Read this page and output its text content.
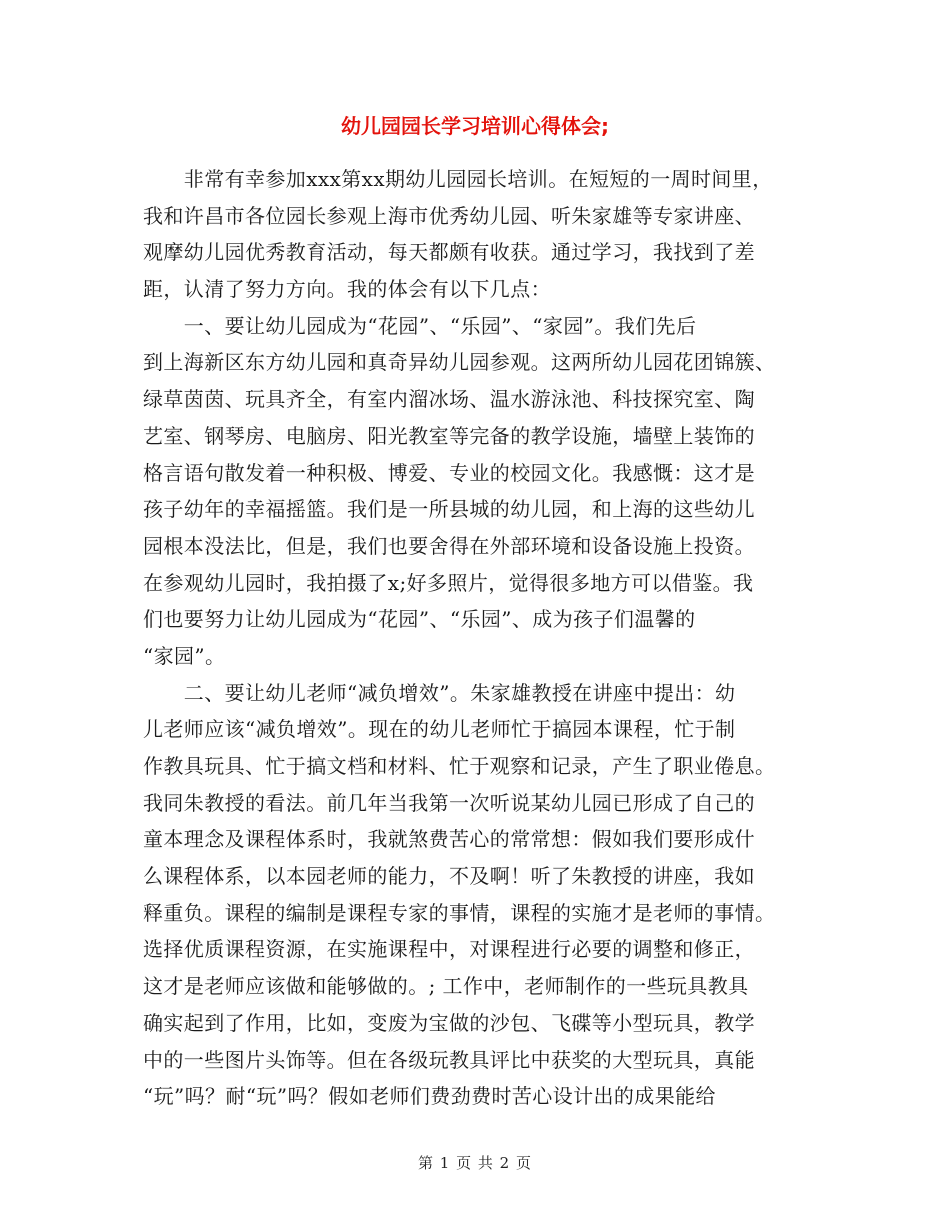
幼儿园园长学习培训心得体会;
　　非常有幸参加xxx第xx期幼儿园园长培训。在短短的一周时间里，
我和许昌市各位园长参观上海市优秀幼儿园、听朱家雄等专家讲座、
观摩幼儿园优秀教育活动，每天都颇有收获。通过学习，我找到了差
距，认清了努力方向。我的体会有以下几点：
　　一、要让幼儿园成为“花园”、“乐园”、“家园”。我们先后
到上海新区东方幼儿园和真奇异幼儿园参观。这两所幼儿园花团锦簇、
绿草茵茵、玩具齐全，有室内溜冰场、温水游泳池、科技探究室、陶
艺室、钢琴房、电脑房、阳光教室等完备的教学设施，墙壁上装饰的
格言语句散发着一种积极、博爱、专业的校园文化。我感慨：这才是
孩子幼年的幸福摇篮。我们是一所县城的幼儿园，和上海的这些幼儿
园根本没法比，但是，我们也要舍得在外部环境和设备设施上投资。
在参观幼儿园时，我拍摄了x;好多照片，觉得很多地方可以借鉴。我
们也要努力让幼儿园成为“花园”、“乐园”、成为孩子们温馨的
“家园”。
　　二、要让幼儿老师“减负增效”。朱家雄教授在讲座中提出：幼
儿老师应该“减负增效”。现在的幼儿老师忙于搞园本课程，忙于制
作教具玩具、忙于搞文档和材料、忙于观察和记录，产生了职业倦息。
我同朱教授的看法。前几年当我第一次听说某幼儿园已形成了自己的
童本理念及课程体系时，我就煞费苦心的常常想：假如我们要形成什
么课程体系，以本园老师的能力，不及啊！听了朱教授的讲座，我如
释重负。课程的编制是课程专家的事情，课程的实施才是老师的事情。
选择优质课程资源，在实施课程中，对课程进行必要的调整和修正，
这才是老师应该做和能够做的。; 工作中，老师制作的一些玩具教具
确实起到了作用，比如，变废为宝做的沙包、飞碟等小型玩具，教学
中的一些图片头饰等。但在各级玩教具评比中获奖的大型玩具，真能
“玩”吗？耐“玩”吗？假如老师们费劲费时苦心设计出的成果能给
第 1 页 共 2 页
